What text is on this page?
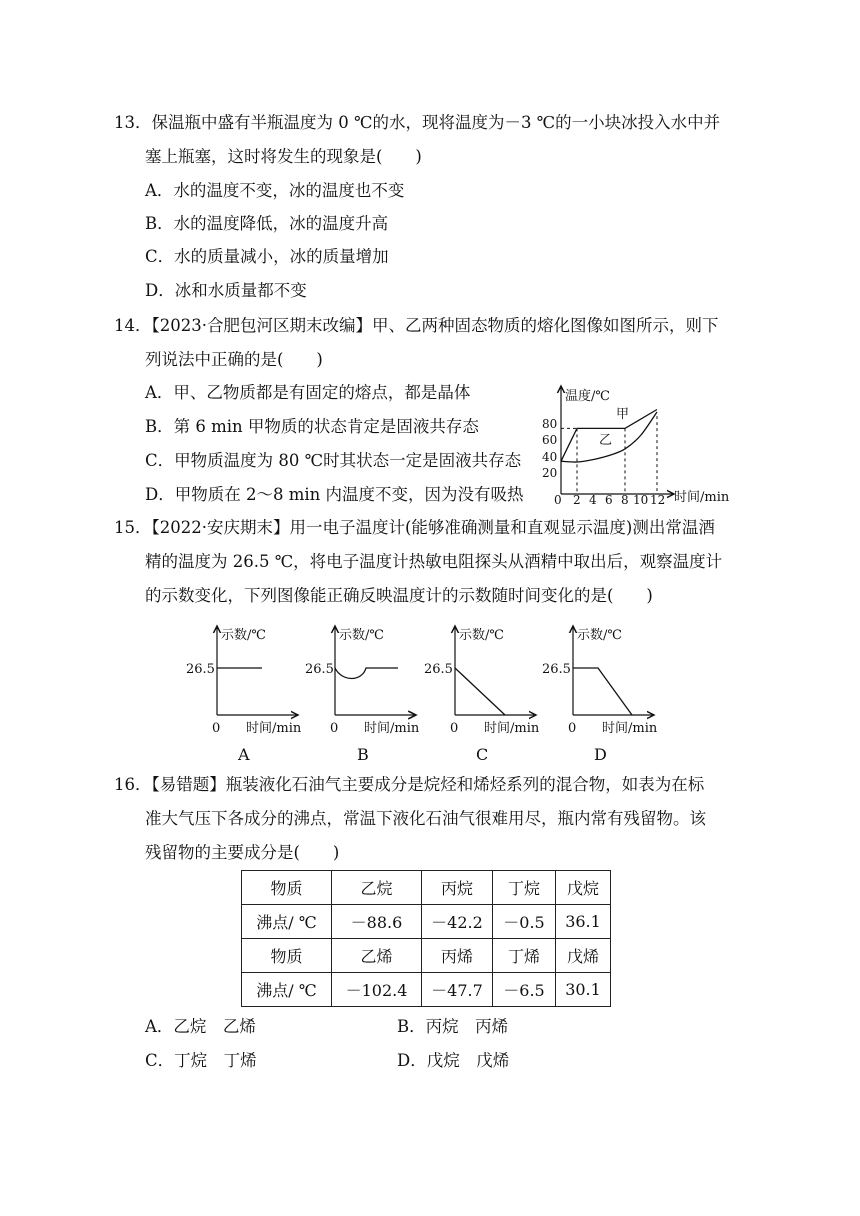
13．保温瓶中盛有半瓶温度为 0 ℃的水，现将温度为－3 ℃的一小块冰投入水中并
塞上瓶塞，这时将发生的现象是(　　)
A．水的温度不变，冰的温度也不变
B．水的温度降低，冰的温度升高
C．水的质量减小，冰的质量增加
D．冰和水质量都不变
14．【2023·合肥包河区期末改编】甲、乙两种固态物质的熔化图像如图所示，则下
列说法中正确的是(　　)
A．甲、乙物质都是有固定的熔点，都是晶体
B．第 6 min 甲物质的状态肯定是固液共存态
C．甲物质温度为 80 ℃时其状态一定是固液共存态
D．甲物质在 2～8 min 内温度不变，因为没有吸热
温度/℃
时间/min
0 2 4 6 8 10 12
20
40
60
80
甲
乙
15．【2022·安庆期末】用一电子温度计(能够准确测量和直观显示温度)测出常温酒
精的温度为 26.5 ℃，将电子温度计热敏电阻探头从酒精中取出后，观察温度计
的示数变化，下列图像能正确反映温度计的示数随时间变化的是(　　)
示数/℃
26.5
0 时间/min
A
示数/℃
26.5
0 时间/min
B
示数/℃
26.5
0 时间/min
C
示数/℃
26.5
0 时间/min
D
16．【易错题】瓶装液化石油气主要成分是烷烃和烯烃系列的混合物，如表为在标
准大气压下各成分的沸点，常温下液化石油气很难用尽，瓶内常有残留物。该
残留物的主要成分是(　　)
物质	乙烷	丙烷	丁烷	戊烷
沸点/ ℃	－88.6	－42.2	－0.5	36.1
物质	乙烯	丙烯	丁烯	戊烯
沸点/ ℃	－102.4	－47.7	－6.5	30.1
A．乙烷　乙烯	B．丙烷　丙烯
C．丁烷　丁烯	D．戊烷　戊烯
